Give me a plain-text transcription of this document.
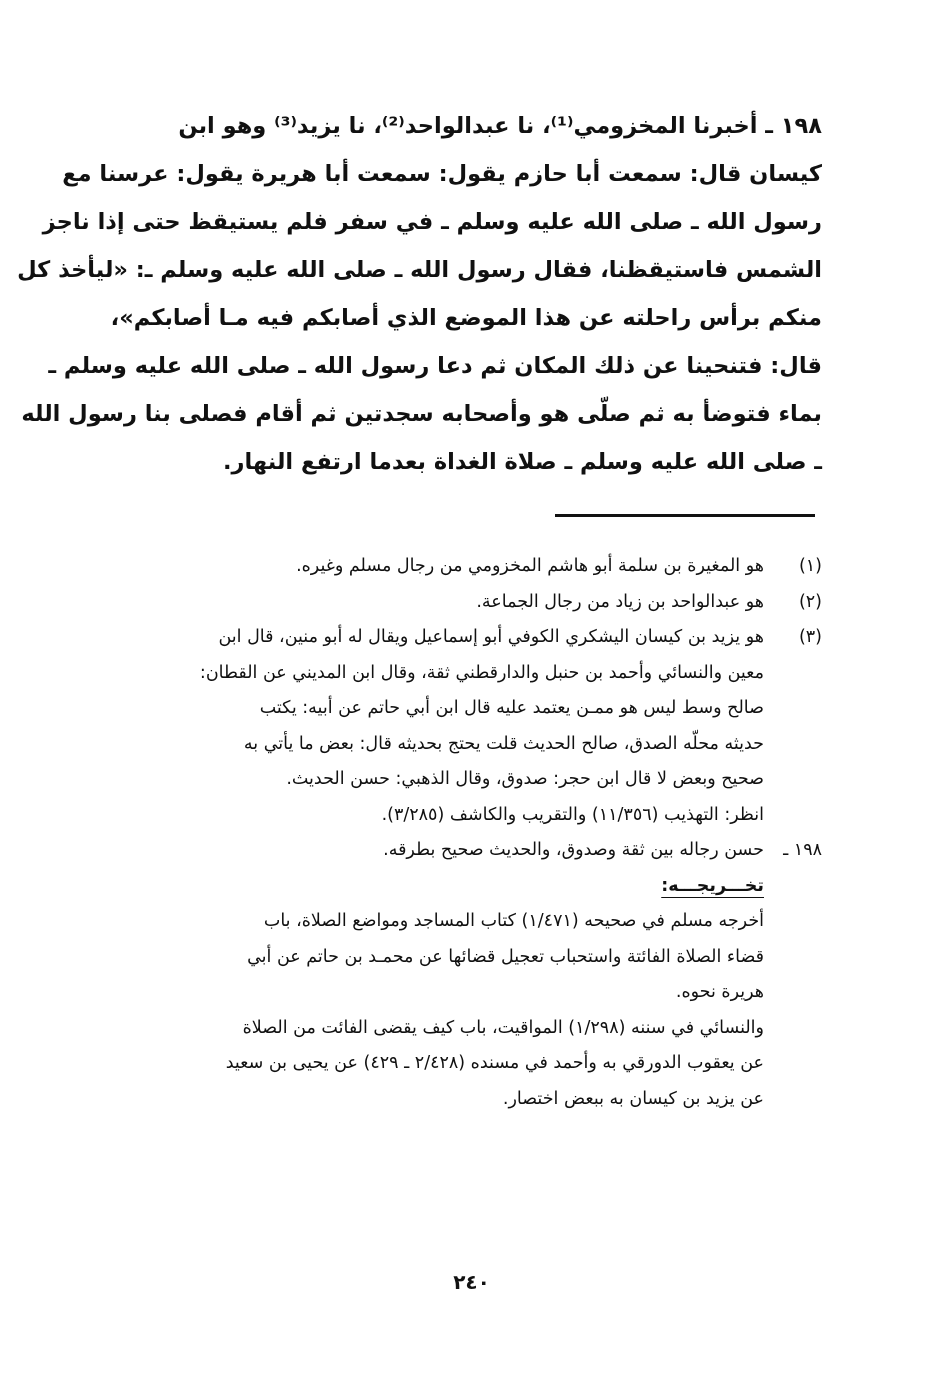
١٩٨ ـ أخبرنا المخزومي⁽¹⁾، نا عبدالواحد⁽²⁾، نا يزيد⁽³⁾ وهو ابن
كيسان قال: سمعت أبا حازم يقول: سمعت أبا هريرة يقول: عرسنا مع
رسول الله ـ صلى الله عليه وسلم ـ في سفر فلم يستيقظ حتى إذا ناجز
الشمس فاستيقظنا، فقال رسول الله ـ صلى الله عليه وسلم ـ: «ليأخذ كل
منكم برأس راحلته عن هذا الموضع الذي أصابكم فيه مـا أصابكم»،
قال: فتنحينا عن ذلك المكان ثم دعا رسول الله ـ صلى الله عليه وسلم ـ
بماء فتوضأ به ثم صلّى هو وأصحابه سجدتين ثم أقام فصلى بنا رسول الله
ـ صلى الله عليه وسلم ـ صلاة الغداة بعدما ارتفع النهار.
(١)
هو المغيرة بن سلمة أبو هاشم المخزومي من رجال مسلم وغيره.
(٢)
هو عبدالواحد بن زياد من رجال الجماعة.
(٣)
هو يزيد بن كيسان اليشكري الكوفي أبو إسماعيل ويقال له أبو منين، قال ابن
معين والنسائي وأحمد بن حنبل والدارقطني ثقة، وقال ابن المديني عن القطان:
صالح وسط ليس هو ممـن يعتمد عليه قال ابن أبي حاتم عن أبيه: يكتب
حديثه محلّه الصدق، صالح الحديث قلت يحتج بحديثه قال: بعض ما يأتي به
صحيح وبعض لا قال ابن حجر: صدوق، وقال الذهبي: حسن الحديث.
انظر: التهذيب (١١/٣٥٦) والتقريب والكاشف (٣/٢٨٥).
١٩٨ ـ
حسن رجاله بين ثقة وصدوق، والحديث صحيح بطرقه.
تخـــريجـــه:
أخرجه مسلم في صحيحه (١/٤٧١) كتاب المساجد ومواضع الصلاة، باب
قضاء الصلاة الفائتة واستحباب تعجيل قضائها عن محمـد بن حاتم عن أبي
هريرة نحوه.
والنسائي في سننه (١/٢٩٨) المواقيت، باب كيف يقضى الفائت من الصلاة
عن يعقوب الدورقي به وأحمد في مسنده (٢/٤٢٨ ـ ٤٢٩) عن يحيى بن سعيد
عن يزيد بن كيسان به ببعض اختصار.
٢٤٠
